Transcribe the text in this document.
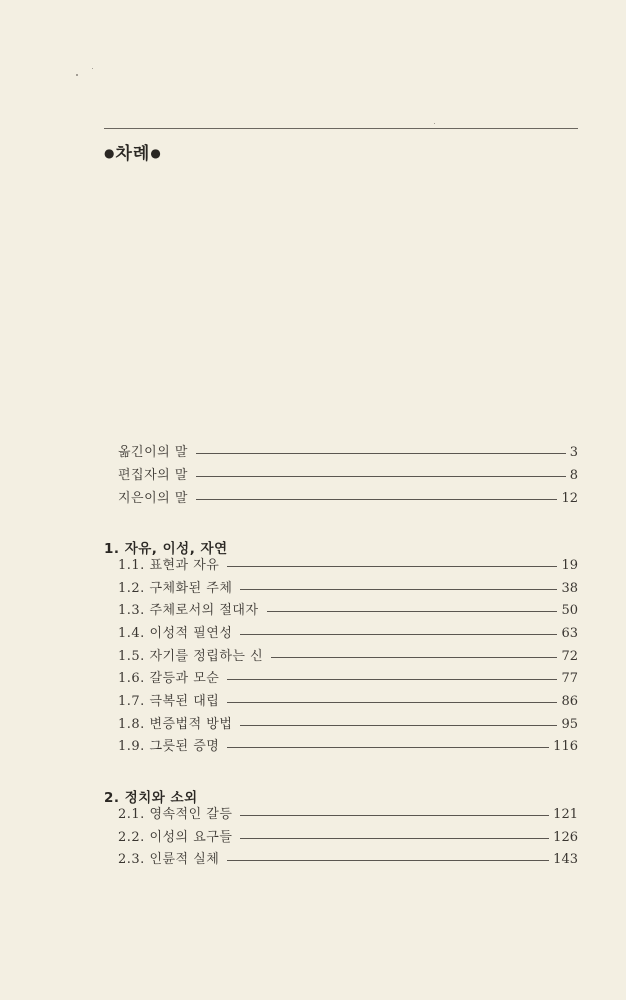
●차례●
옮긴이의 말	3
편집자의 말	8
지은이의 말	12
1. 자유, 이성, 자연
1.1. 표현과 자유	19
1.2. 구체화된 주체	38
1.3. 주체로서의 절대자	50
1.4. 이성적 필연성	63
1.5. 자기를 정립하는 신	72
1.6. 갈등과 모순	77
1.7. 극복된 대립	86
1.8. 변증법적 방법	95
1.9. 그릇된 증명	116
2. 정치와 소외
2.1. 영속적인 갈등	121
2.2. 이성의 요구들	126
2.3. 인륜적 실체	143
